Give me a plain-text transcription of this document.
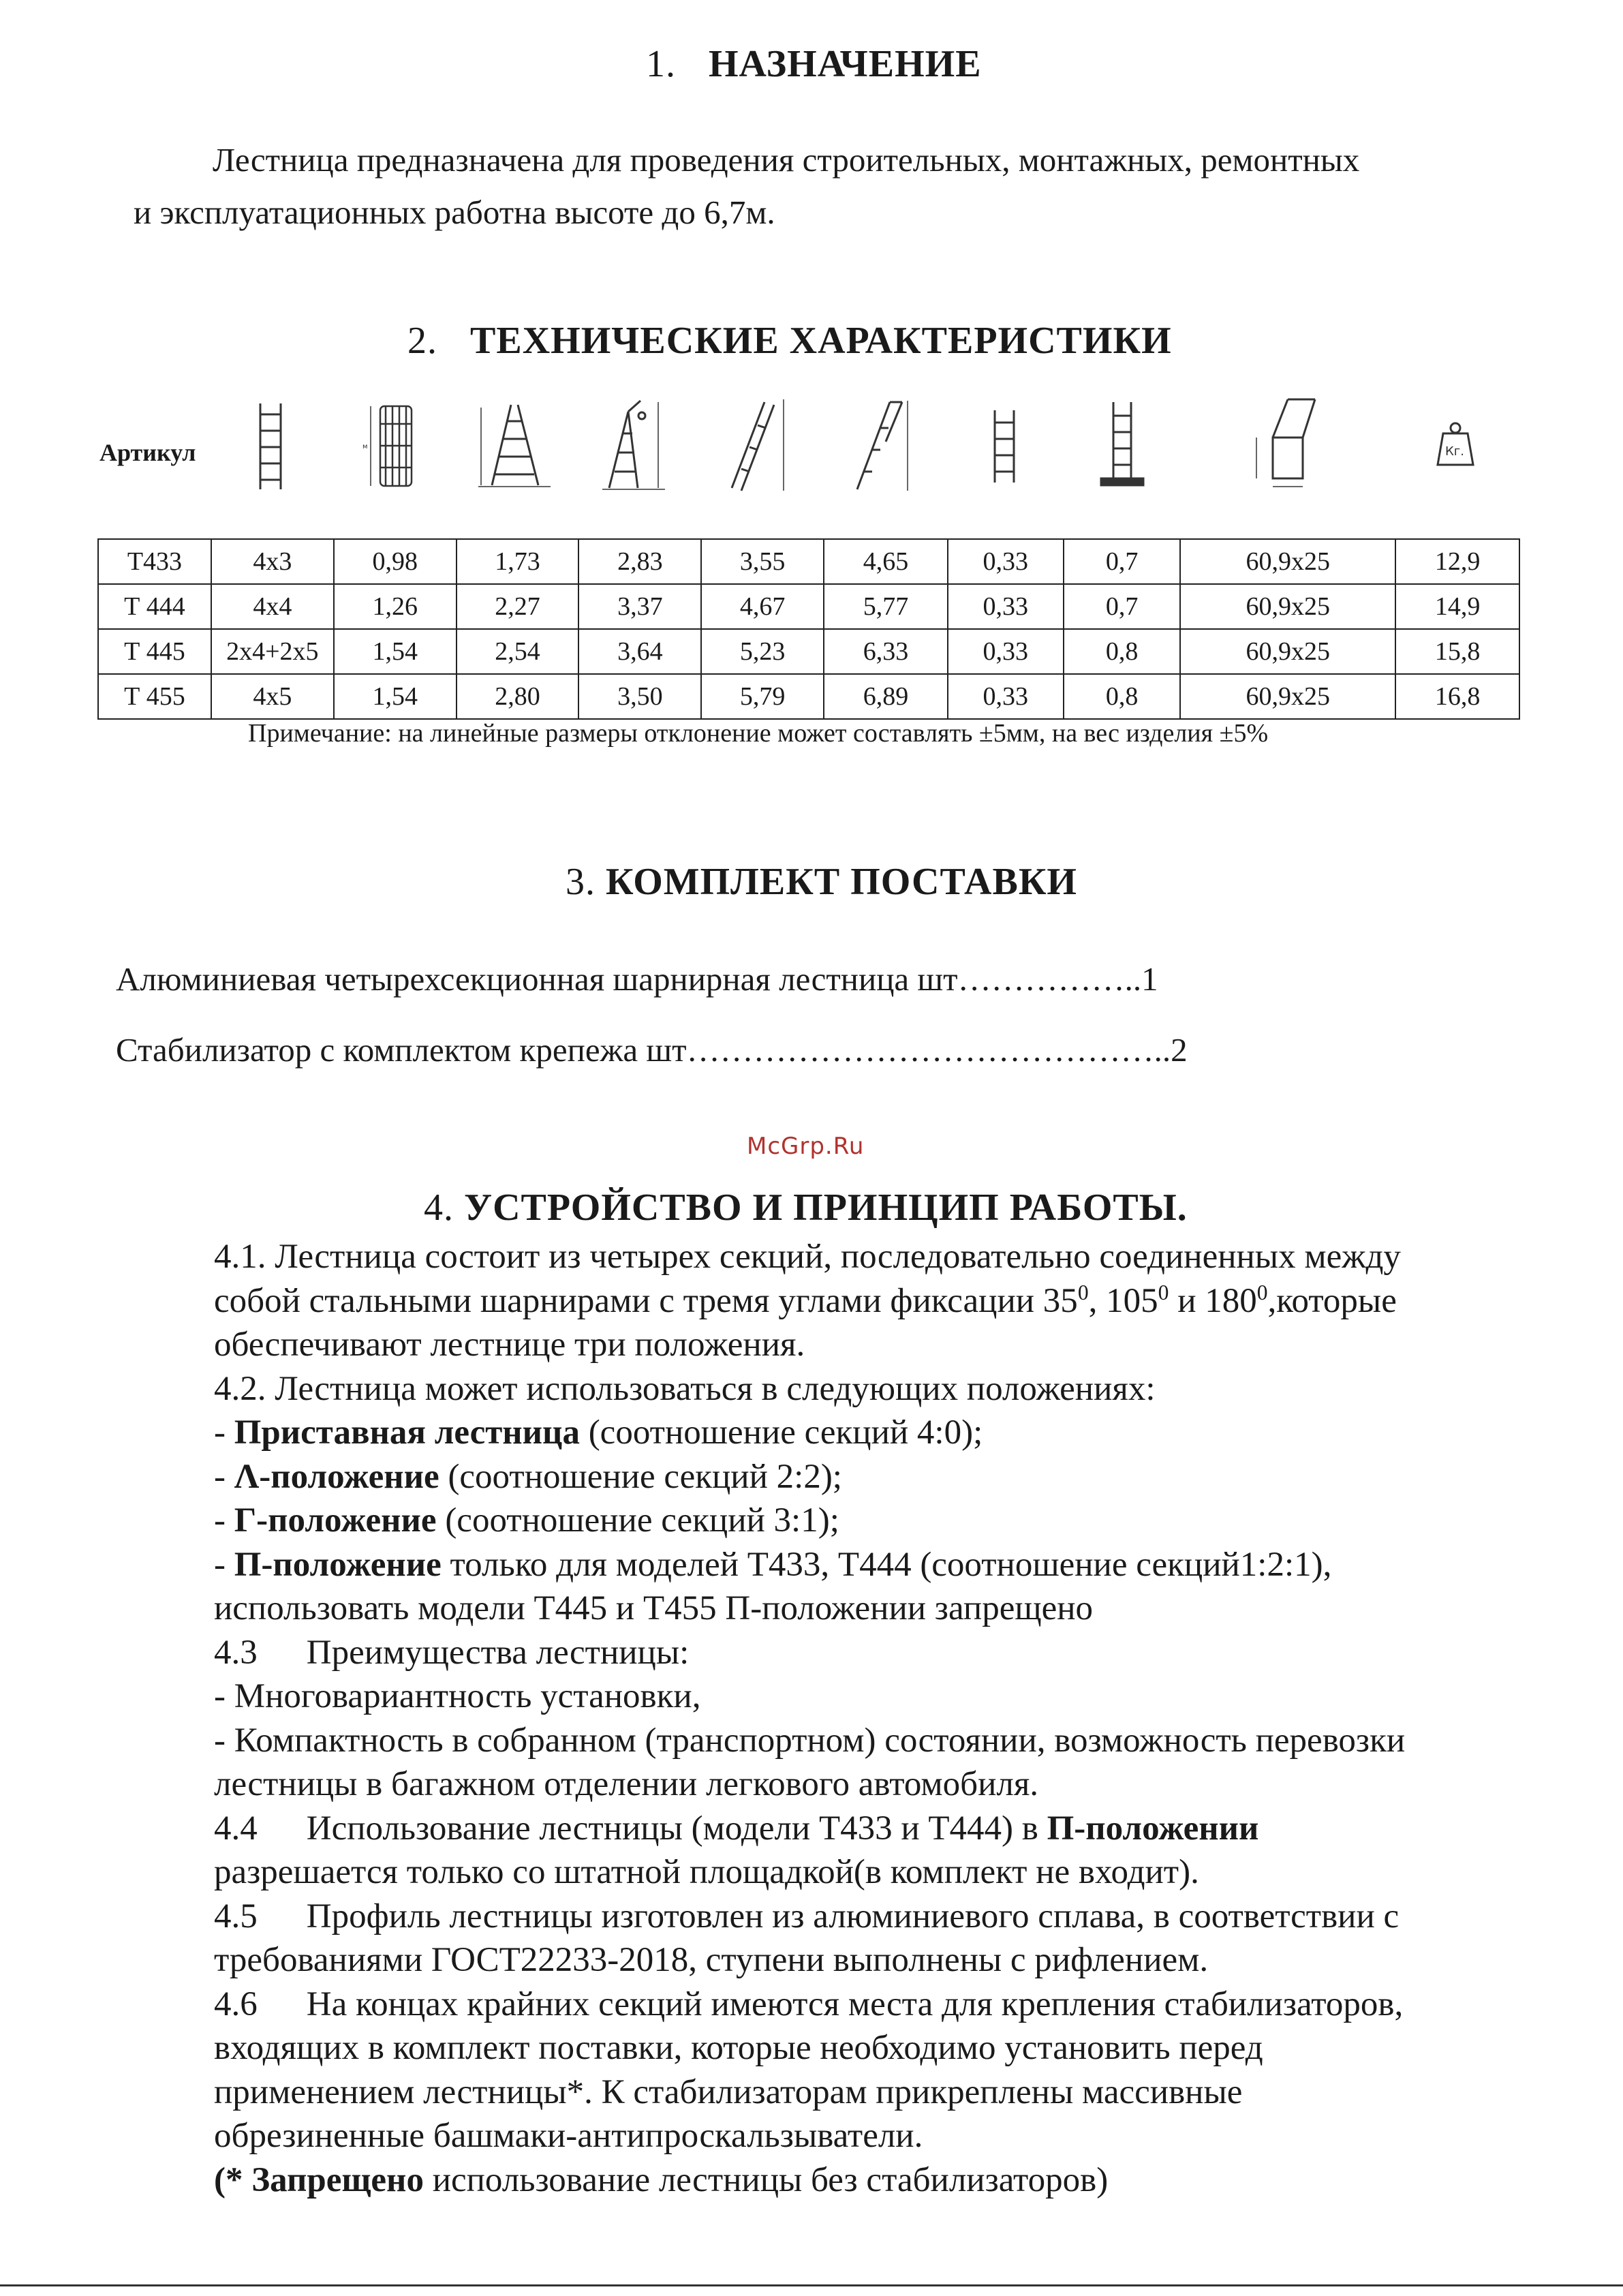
1. НАЗНАЧЕНИЕ
Лестница предназначена для проведения строительных, монтажных, ремонтных
и эксплуатационных работна высоте до 6,7м.
2. ТЕХНИЧЕСКИЕ ХАРАКТЕРИСТИКИ
Артикул	м	Кг.
Т433	4x3	0,98	1,73	2,83	3,55	4,65	0,33	0,7	60,9x25	12,9
Т 444	4x4	1,26	2,27	3,37	4,67	5,77	0,33	0,7	60,9x25	14,9
Т 445	2x4+2x5	1,54	2,54	3,64	5,23	6,33	0,33	0,8	60,9x25	15,8
Т 455	4x5	1,54	2,80	3,50	5,79	6,89	0,33	0,8	60,9x25	16,8
Примечание: на линейные размеры отклонение может составлять ±5мм, на вес изделия ±5%
3. КОМПЛЕКТ ПОСТАВКИ
Алюминиевая четырехсекционная шарнирная лестница шт……………..1
Стабилизатор с комплектом крепежа шт……………………………………..2
McGrp.Ru
4. УСТРОЙСТВО И ПРИНЦИП РАБОТЫ.
4.1. Лестница состоит из четырех секций, последовательно соединенных между
собой стальными шарнирами с тремя углами фиксации $35^0$, $105^0$ и $180^0,которые$
обеспечивают лестнице три положения.
4.2. Лестница может использоваться в следующих положениях:
- Приставная лестница (соотношение секций 4:0);
- Λ-положение (соотношение секций 2:2);
- Г-положение (соотношение секций 3:1);
- П-положение только для моделей Т433, Т444 (соотношение секций1:2:1),
использовать модели Т445 и Т455 П-положении запрещено
4.3 Преимущества лестницы:
- Многовариантность установки,
- Компактность в собранном (транспортном) состоянии, возможность перевозки
лестницы в багажном отделении легкового автомобиля.
4.4 Использование лестницы (модели Т433 и Т444) в П-положении
разрешается только со штатной площадкой(в комплект не входит).
4.5 Профиль лестницы изготовлен из алюминиевого сплава, в соответствии с
требованиями ГОСТ22233-2018, ступени выполнены с рифлением.
4.6 На концах крайних секций имеются места для крепления стабилизаторов,
входящих в комплект поставки, которые необходимо установить перед
применением лестницы*. К стабилизаторам прикреплены массивные
обрезиненные башмаки-антипроскальзыватели.
(* Запрещено использование лестницы без стабилизаторов)
